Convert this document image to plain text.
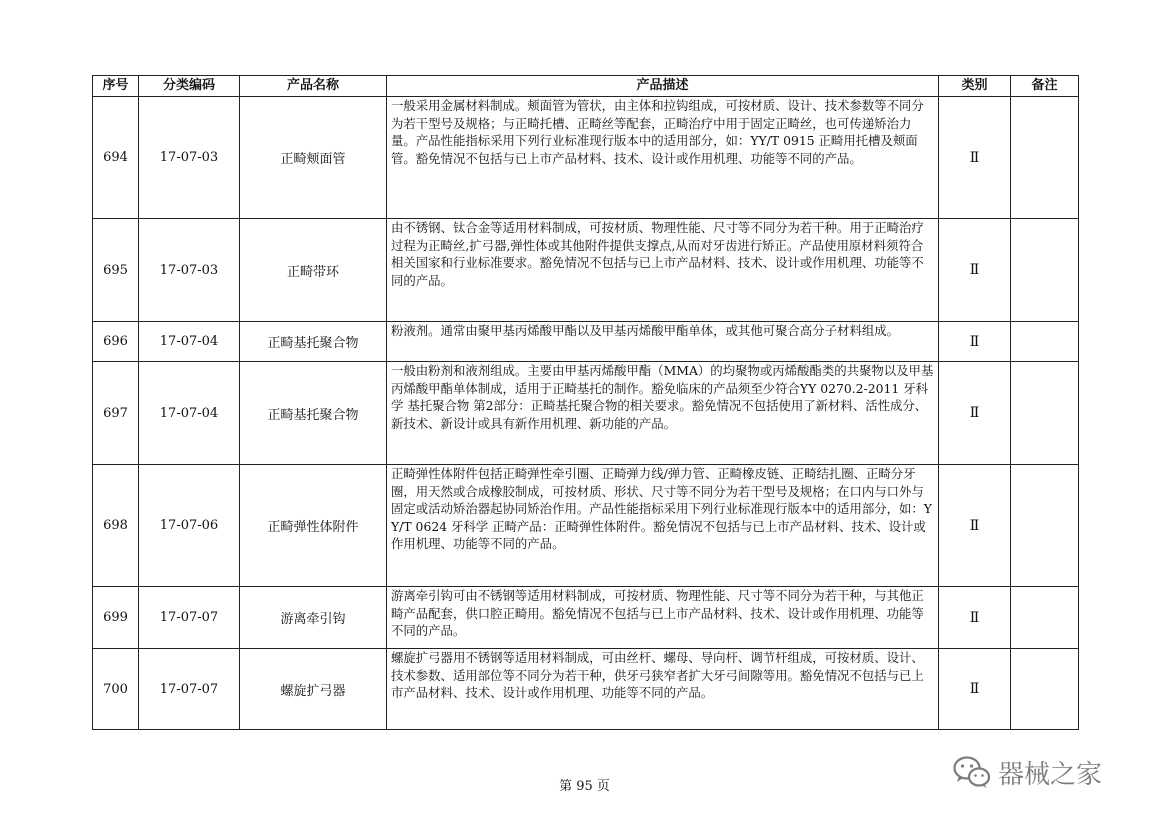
序号	分类编码	产品名称	产品描述	类别	备注
694	17-07-03	正畸颊面管	一般采用金属材料制成。颊面管为管状，由主体和拉钩组成，可按材质、设计、技术参数等不同分为若干型号及规格；与正畸托槽、正畸丝等配套，正畸治疗中用于固定正畸丝，也可传递矫治力量。产品性能指标采用下列行业标准现行版本中的适用部分，如：YY/T 0915 正畸用托槽及颊面管。豁免情况不包括与已上市产品材料、技术、设计或作用机理、功能等不同的产品。	Ⅱ	
695	17-07-03	正畸带环	由不锈钢、钛合金等适用材料制成，可按材质、物理性能、尺寸等不同分为若干种。用于正畸治疗过程为正畸丝,扩弓器,弹性体或其他附件提供支撑点,从而对牙齿进行矫正。产品使用原材料须符合相关国家和行业标准要求。豁免情况不包括与已上市产品材料、技术、设计或作用机理、功能等不同的产品。	Ⅱ	
696	17-07-04	正畸基托聚合物	粉液剂。通常由聚甲基丙烯酸甲酯以及甲基丙烯酸甲酯单体，或其他可聚合高分子材料组成。	Ⅱ	
697	17-07-04	正畸基托聚合物	一般由粉剂和液剂组成。主要由甲基丙烯酸甲酯（MMA）的均聚物或丙烯酸酯类的共聚物以及甲基丙烯酸甲酯单体制成，适用于正畸基托的制作。豁免临床的产品须至少符合YY 0270.2-2011 牙科学 基托聚合物 第2部分：正畸基托聚合物的相关要求。豁免情况不包括使用了新材料、活性成分、新技术、新设计或具有新作用机理、新功能的产品。	Ⅱ	
698	17-07-06	正畸弹性体附件	正畸弹性体附件包括正畸弹性牵引圈、正畸弹力线/弹力管、正畸橡皮链、正畸结扎圈、正畸分牙圈，用天然或合成橡胶制成，可按材质、形状、尺寸等不同分为若干型号及规格；在口内与口外与固定或活动矫治器起协同矫治作用。产品性能指标采用下列行业标准现行版本中的适用部分，如：YY/T 0624 牙科学 正畸产品：正畸弹性体附件。豁免情况不包括与已上市产品材料、技术、设计或作用机理、功能等不同的产品。	Ⅱ	
699	17-07-07	游离牵引钩	游离牵引钩可由不锈钢等适用材料制成，可按材质、物理性能、尺寸等不同分为若干种，与其他正畸产品配套，供口腔正畸用。豁免情况不包括与已上市产品材料、技术、设计或作用机理、功能等不同的产品。	Ⅱ	
700	17-07-07	螺旋扩弓器	螺旋扩弓器用不锈钢等适用材料制成，可由丝杆、螺母、导向杆、调节杆组成，可按材质、设计、技术参数、适用部位等不同分为若干种，供牙弓狭窄者扩大牙弓间隙等用。豁免情况不包括与已上市产品材料、技术、设计或作用机理、功能等不同的产品。	Ⅱ	
第 95 页	器械之家
